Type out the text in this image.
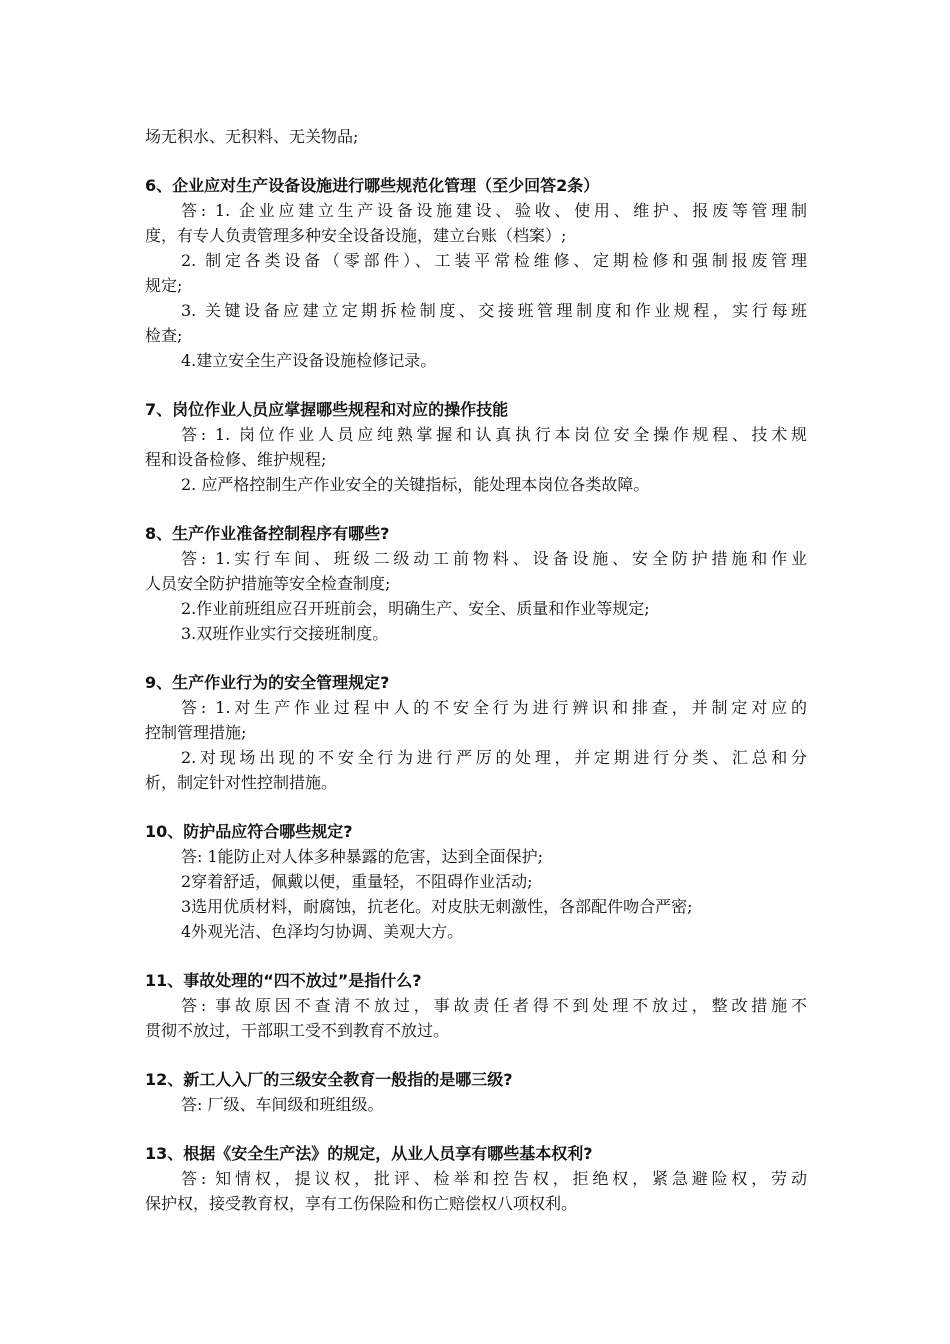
场无积水、无积料、无关物品;
6、企业应对生产设备设施进行哪些规范化管理（至少回答2条）
答: 1. 企业应建立生产设备设施建设、验收、使用、维护、报废等管理制
度，有专人负责管理多种安全设备设施，建立台账（档案）;
2. 制定各类设备（零部件）、工装平常检维修、定期检修和强制报废管理
规定;
3. 关键设备应建立定期拆检制度、交接班管理制度和作业规程，实行每班
检查;
4.建立安全生产设备设施检修记录。
7、岗位作业人员应掌握哪些规程和对应的操作技能
答: 1. 岗位作业人员应纯熟掌握和认真执行本岗位安全操作规程、技术规
程和设备检修、维护规程;
2. 应严格控制生产作业安全的关键指标，能处理本岗位各类故障。
8、生产作业准备控制程序有哪些?
答: 1.实行车间、班级二级动工前物料、设备设施、安全防护措施和作业
人员安全防护措施等安全检查制度;
2.作业前班组应召开班前会，明确生产、安全、质量和作业等规定;
3.双班作业实行交接班制度。
9、生产作业行为的安全管理规定?
答: 1.对生产作业过程中人的不安全行为进行辨识和排查，并制定对应的
控制管理措施;
2.对现场出现的不安全行为进行严厉的处理，并定期进行分类、汇总和分
析，制定针对性控制措施。
10、防护品应符合哪些规定?
答: 1能防止对人体多种暴露的危害，达到全面保护;
2穿着舒适，佩戴以便，重量轻，不阻碍作业活动;
3选用优质材料，耐腐蚀，抗老化。对皮肤无刺激性，各部配件吻合严密;
4外观光洁、色泽均匀协调、美观大方。
11、事故处理的“四不放过”是指什么?
答: 事故原因不查清不放过，事故责任者得不到处理不放过，整改措施不
贯彻不放过，干部职工受不到教育不放过。
12、新工人入厂的三级安全教育一般指的是哪三级?
答: 厂级、车间级和班组级。
13、根据《安全生产法》的规定，从业人员享有哪些基本权利?
答: 知情权，提议权，批评、检举和控告权，拒绝权，紧急避险权，劳动
保护权，接受教育权，享有工伤保险和伤亡赔偿权八项权利。
